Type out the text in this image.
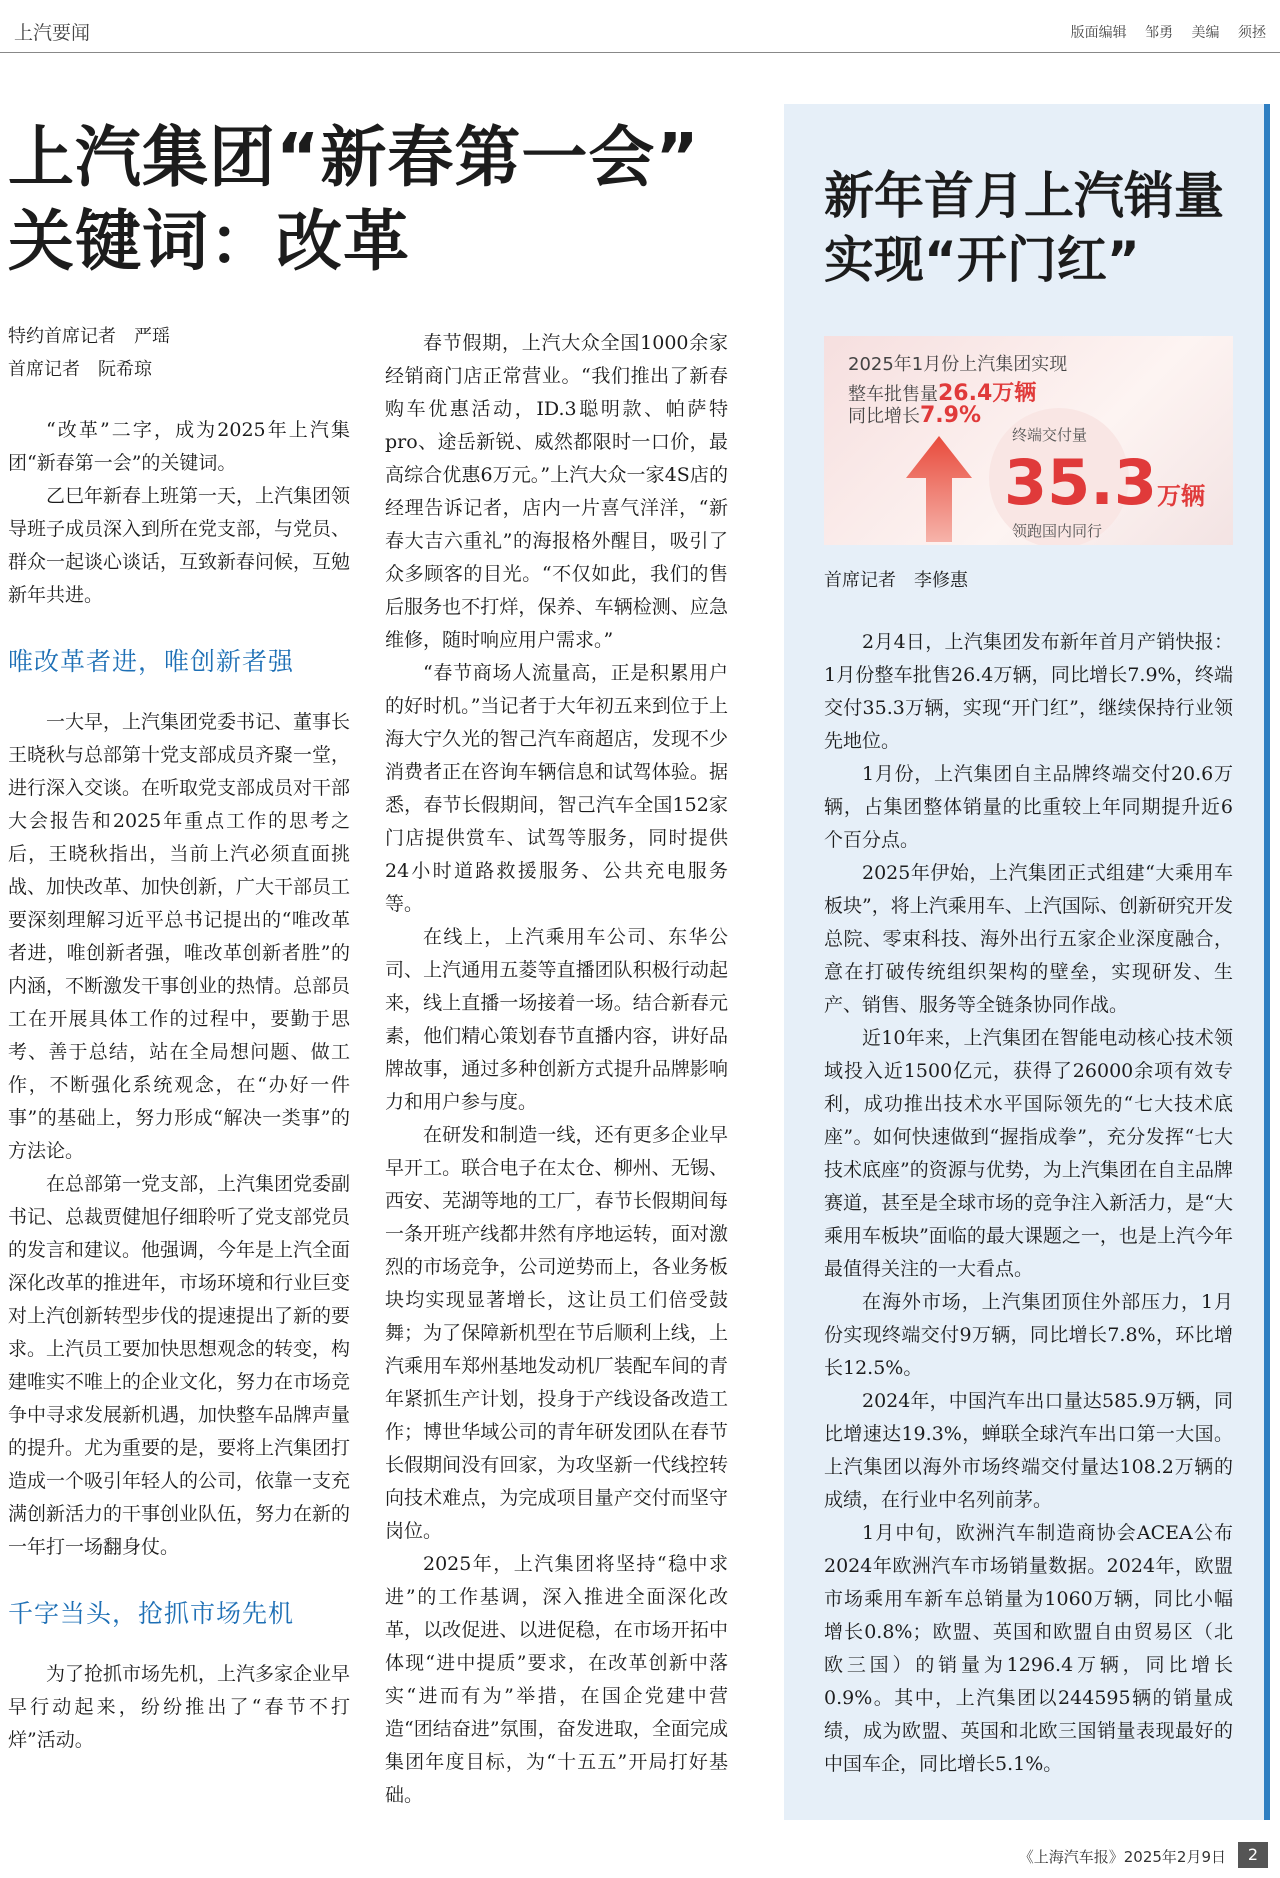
上汽要闻	版面编辑 邹勇 美编 须拯
上汽集团“新春第一会”
关键词：改革
特约首席记者 严瑶
首席记者 阮希琼

“改革”二字，成为2025年上汽集团“新春第一会”的关键词。

乙巳年新春上班第一天，上汽集团领导班子成员深入到所在党支部，与党员、群众一起谈心谈话，互致新春问候，互勉新年共进。

唯改革者进，唯创新者强

一大早，上汽集团党委书记、董事长王晓秋与总部第十党支部成员齐聚一堂，进行深入交谈。在听取党支部成员对干部大会报告和2025年重点工作的思考之后，王晓秋指出，当前上汽必须直面挑战、加快改革、加快创新，广大干部员工要深刻理解习近平总书记提出的“唯改革者进，唯创新者强，唯改革创新者胜”的内涵，不断激发干事创业的热情。总部员工在开展具体工作的过程中，要勤于思考、善于总结，站在全局想问题、做工作，不断强化系统观念，在“办好一件事”的基础上，努力形成“解决一类事”的方法论。

在总部第一党支部，上汽集团党委副书记、总裁贾健旭仔细聆听了党支部党员的发言和建议。他强调，今年是上汽全面深化改革的推进年，市场环境和行业巨变对上汽创新转型步伐的提速提出了新的要求。上汽员工要加快思想观念的转变，构建唯实不唯上的企业文化，努力在市场竞争中寻求发展新机遇，加快整车品牌声量的提升。尤为重要的是，要将上汽集团打造成一个吸引年轻人的公司，依靠一支充满创新活力的干事创业队伍，努力在新的一年打一场翻身仗。

千字当头，抢抓市场先机

为了抢抓市场先机，上汽多家企业早早行动起来，纷纷推出了“春节不打烊”活动。

春节假期，上汽大众全国1000余家经销商门店正常营业。“我们推出了新春购车优惠活动，ID.3聪明款、帕萨特pro、途岳新锐、威然都限时一口价，最高综合优惠6万元。”上汽大众一家4S店的经理告诉记者，店内一片喜气洋洋，“新春大吉六重礼”的海报格外醒目，吸引了众多顾客的目光。“不仅如此，我们的售后服务也不打烊，保养、车辆检测、应急维修，随时响应用户需求。”

“春节商场人流量高，正是积累用户的好时机。”当记者于大年初五来到位于上海大宁久光的智己汽车商超店，发现不少消费者正在咨询车辆信息和试驾体验。据悉，春节长假期间，智己汽车全国152家门店提供赏车、试驾等服务，同时提供24小时道路救援服务、公共充电服务等。

在线上，上汽乘用车公司、东华公司、上汽通用五菱等直播团队积极行动起来，线上直播一场接着一场。结合新春元素，他们精心策划春节直播内容，讲好品牌故事，通过多种创新方式提升品牌影响力和用户参与度。

在研发和制造一线，还有更多企业早早开工。联合电子在太仓、柳州、无锡、西安、芜湖等地的工厂，春节长假期间每一条开班产线都井然有序地运转，面对激烈的市场竞争，公司逆势而上，各业务板块均实现显著增长，这让员工们倍受鼓舞；为了保障新机型在节后顺利上线，上汽乘用车郑州基地发动机厂装配车间的青年紧抓生产计划，投身于产线设备改造工作；博世华域公司的青年研发团队在春节长假期间没有回家，为攻坚新一代线控转向技术难点，为完成项目量产交付而坚守岗位。

2025年，上汽集团将坚持“稳中求进”的工作基调，深入推进全面深化改革，以改促进、以进促稳，在市场开拓中体现“进中提质”要求，在改革创新中落实“进而有为”举措，在国企党建中营造“团结奋进”氛围，奋发进取，全面完成集团年度目标，为“十五五”开局打好基础。

新年首月上汽销量
实现“开门红”
2025年1月份上汽集团实现
整车批售量26.4万辆
同比增长7.9%
终端交付量
35.3万辆
领跑国内同行
首席记者 李修惠

2月4日，上汽集团发布新年首月产销快报：1月份整车批售26.4万辆，同比增长7.9%，终端交付35.3万辆，实现“开门红”，继续保持行业领先地位。

1月份，上汽集团自主品牌终端交付20.6万辆，占集团整体销量的比重较上年同期提升近6个百分点。

2025年伊始，上汽集团正式组建“大乘用车板块”，将上汽乘用车、上汽国际、创新研究开发总院、零束科技、海外出行五家企业深度融合，意在打破传统组织架构的壁垒，实现研发、生产、销售、服务等全链条协同作战。

近10年来，上汽集团在智能电动核心技术领域投入近1500亿元，获得了26000余项有效专利，成功推出技术水平国际领先的“七大技术底座”。如何快速做到“握指成拳”，充分发挥“七大技术底座”的资源与优势，为上汽集团在自主品牌赛道，甚至是全球市场的竞争注入新活力，是“大乘用车板块”面临的最大课题之一，也是上汽今年最值得关注的一大看点。

在海外市场，上汽集团顶住外部压力，1月份实现终端交付9万辆，同比增长7.8%，环比增长12.5%。

2024年，中国汽车出口量达585.9万辆，同比增速达19.3%，蝉联全球汽车出口第一大国。上汽集团以海外市场终端交付量达108.2万辆的成绩，在行业中名列前茅。

1月中旬，欧洲汽车制造商协会ACEA公布2024年欧洲汽车市场销量数据。2024年，欧盟市场乘用车新车总销量为1060万辆，同比小幅增长0.8%；欧盟、英国和欧盟自由贸易区（北欧三国）的销量为1296.4万辆，同比增长0.9%。其中，上汽集团以244595辆的销量成绩，成为欧盟、英国和北欧三国销量表现最好的中国车企，同比增长5.1%。

《上海汽车报》2025年2月9日	2
